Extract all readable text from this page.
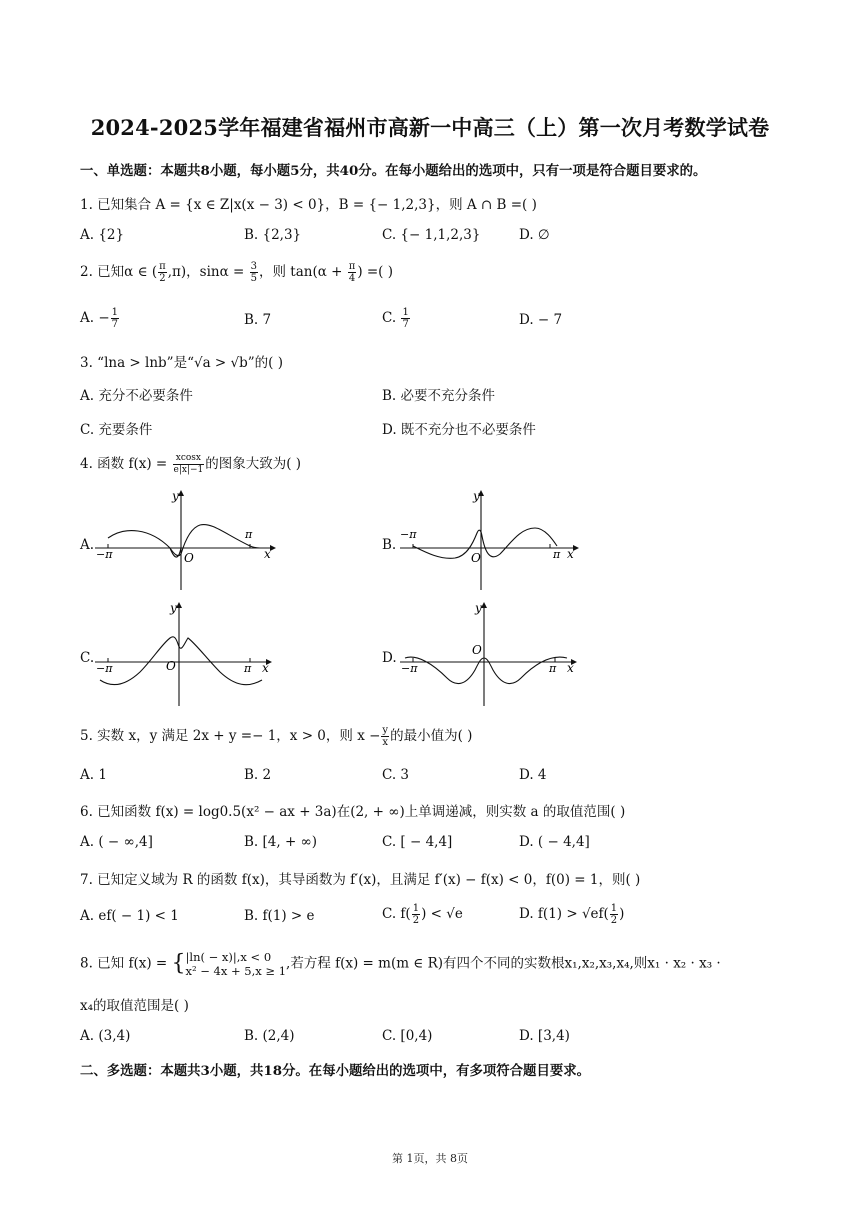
2024-2025学年福建省福州市高新一中高三（上）第一次月考数学试卷
一、单选题：本题共8小题，每小题5分，共40分。在每小题给出的选项中，只有一项是符合题目要求的。
1. 已知集合 A = {x ∈ Z|x(x − 3) < 0}，B = {− 1,2,3}，则 A ∩ B =( )
A. {2}	B. {2,3}	C. {− 1,1,2,3}	D. ∅
2. 已知α ∈ ( $\frac{\pi}{2} ,\pi$)，$\sin\alpha = \frac{3}{5}$ ，则 $\tan(\alpha + \frac{\pi}{4}$ ) =( )
A. − $\frac{1}{7}$	B. 7	C. $\frac{1}{7}$	D. − 7
3. “lna > lnb”是“√a > √b”的( )
A. 充分不必要条件	B. 必要不充分条件
C. 充要条件	D. 既不充分也不必要条件
4. 函数 $f(x) = \frac{xcosx}{e|x|-1}$ 的图象大致为( )
A.	B.
C.	D.
y
x
O
−π
π
y
x
O
−π
π
y
x
O
−π	π
y
x
O
−π	π
5. 实数 x，y 满足 2x + y =− 1，x > 0，则 $x - \frac{y}{x}$ 的最小值为( )
A. 1	B. 2	C. 3	D. 4
6. 已知函数 f(x) = log0.5(x² − ax + 3a)在(2, + ∞)上单调递减，则实数 a 的取值范围( )
A. ( − ∞,4]	B. [4, + ∞)	C. [ − 4,4]	D. ( − 4,4]
7. 已知定义域为 R 的函数 f(x)，其导函数为 f′(x)，且满足 f′(x) − f(x) < 0，f(0) = 1，则( )
A. ef( − 1) < 1	B. f(1) > e	C. $f( \frac{1}{2}$ ) < √e	D. $f(1) > √ef( \frac{1}{2}$ )
8. 已知 f(x) = { |ln( − x)|,x < 0
x² − 4x + 5,x ≥ 1 ,若方程 f(x) = m(m ∈ R)有四个不同的实数根x₁,x₂,x₃,x₄,则x₁ · x₂ · x₃ ·
x₄的取值范围是( )
A. (3,4)	B. (2,4)	C. [0,4)	D. [3,4)
二、多选题：本题共3小题，共18分。在每小题给出的选项中，有多项符合题目要求。
第 1页，共 8页
